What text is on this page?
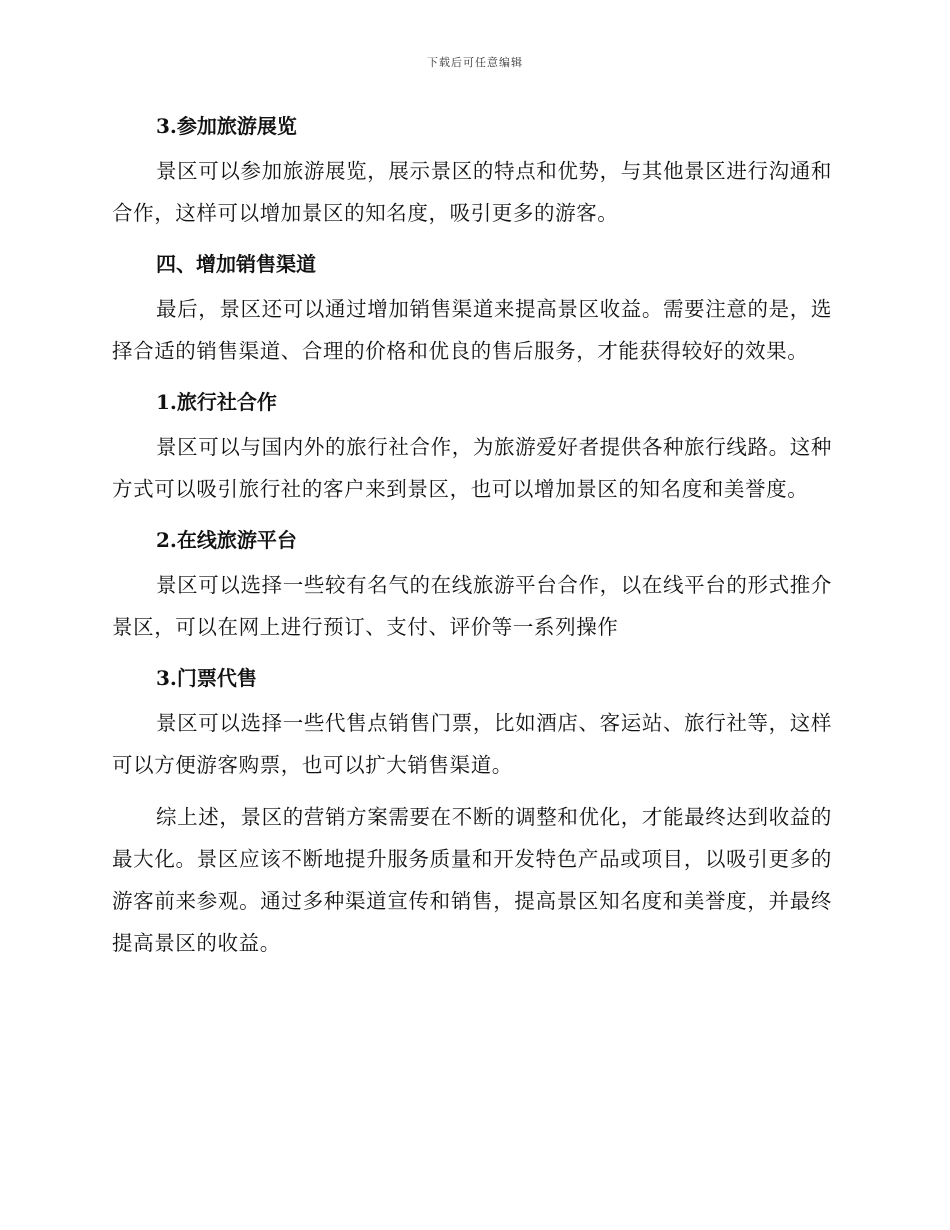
下载后可任意编辑
3.参加旅游展览

景区可以参加旅游展览，展示景区的特点和优势，与其他景区进行沟通和合作，这样可以增加景区的知名度，吸引更多的游客。

四、增加销售渠道

最后，景区还可以通过增加销售渠道来提高景区收益。需要注意的是，选择合适的销售渠道、合理的价格和优良的售后服务，才能获得较好的效果。

1.旅行社合作

景区可以与国内外的旅行社合作，为旅游爱好者提供各种旅行线路。这种方式可以吸引旅行社的客户来到景区，也可以增加景区的知名度和美誉度。

2.在线旅游平台

景区可以选择一些较有名气的在线旅游平台合作，以在线平台的形式推介景区，可以在网上进行预订、支付、评价等一系列操作

3.门票代售

景区可以选择一些代售点销售门票，比如酒店、客运站、旅行社等，这样可以方便游客购票，也可以扩大销售渠道。

综上述，景区的营销方案需要在不断的调整和优化，才能最终达到收益的最大化。景区应该不断地提升服务质量和开发特色产品或项目，以吸引更多的游客前来参观。通过多种渠道宣传和销售，提高景区知名度和美誉度，并最终提高景区的收益。
